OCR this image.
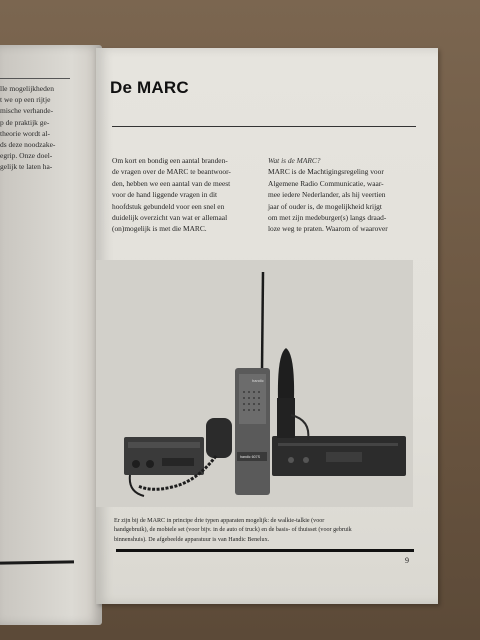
lle mogelijkheden
t we op een rijtje
mische verhande-
p de praktijk ge-
theorie wordt al-
ds deze noodzake-
egrip. Onze doel-
gelijk te laten ha-
De MARC
Om kort en bondig een aantal branden-
de vragen over de MARC te beantwoor-
den, hebben we een aantal van de meest
voor de hand liggende vragen in dit
hoofdstuk gebundeld voor een snel en
duidelijk overzicht van wat er allemaal
(on)mogelijk is met die MARC.
Wat is de MARC?
MARC is de Machtigingsregeling voor
Algemene Radio Communicatie, waar-
mee iedere Nederlander, als hij veertien
jaar of ouder is, de mogelijkheid krijgt
om met zijn medeburger(s) langs draad-
loze weg te praten. Waarom of waarover
handic
handic 607S
Er zijn bij de MARC in principe drie typen apparaten mogelijk: de walkie-talkie (voor
handgebruik), de mobiele set (voor bijv. in de auto of truck) en de basis- of thuisset (voor gebruik
binnenshuis). De afgebeelde apparatuur is van Handic Benelux.
9
